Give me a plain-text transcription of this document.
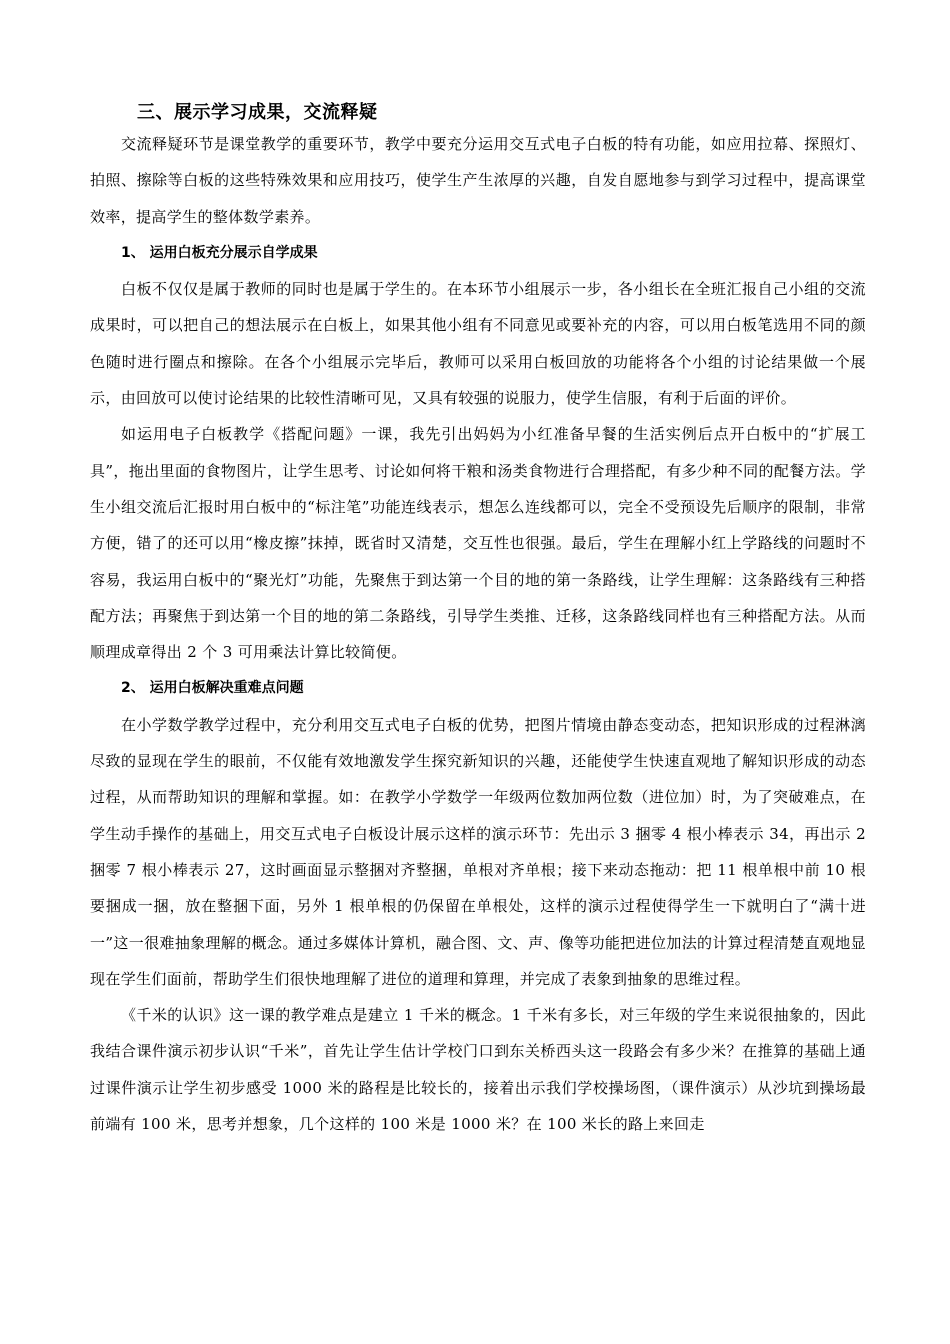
三、展示学习成果，交流释疑

交流释疑环节是课堂教学的重要环节，教学中要充分运用交互式电子白板的特有功能，如应用拉幕、探照灯、拍照、擦除等白板的这些特殊效果和应用技巧，使学生产生浓厚的兴趣，自发自愿地参与到学习过程中，提高课堂效率，提高学生的整体数学素养。

1、 运用白板充分展示自学成果

白板不仅仅是属于教师的同时也是属于学生的。在本环节小组展示一步，各小组长在全班汇报自己小组的交流成果时，可以把自己的想法展示在白板上，如果其他小组有不同意见或要补充的内容，可以用白板笔选用不同的颜色随时进行圈点和擦除。在各个小组展示完毕后，教师可以采用白板回放的功能将各个小组的讨论结果做一个展示，由回放可以使讨论结果的比较性清晰可见，又具有较强的说服力，使学生信服，有利于后面的评价。

如运用电子白板教学《搭配问题》一课，我先引出妈妈为小红准备早餐的生活实例后点开白板中的“扩展工具”，拖出里面的食物图片，让学生思考、讨论如何将干粮和汤类食物进行合理搭配，有多少种不同的配餐方法。学生小组交流后汇报时用白板中的“标注笔”功能连线表示，想怎么连线都可以，完全不受预设先后顺序的限制，非常方便，错了的还可以用“橡皮擦”抹掉，既省时又清楚，交互性也很强。最后，学生在理解小红上学路线的问题时不容易，我运用白板中的“聚光灯”功能，先聚焦于到达第一个目的地的第一条路线，让学生理解：这条路线有三种搭配方法；再聚焦于到达第一个目的地的第二条路线，引导学生类推、迁移，这条路线同样也有三种搭配方法。从而顺理成章得出 2 个 3 可用乘法计算比较简便。

2、 运用白板解决重难点问题

在小学数学教学过程中，充分利用交互式电子白板的优势，把图片情境由静态变动态，把知识形成的过程淋漓尽致的显现在学生的眼前，不仅能有效地激发学生探究新知识的兴趣，还能使学生快速直观地了解知识形成的动态过程，从而帮助知识的理解和掌握。如：在教学小学数学一年级两位数加两位数（进位加）时，为了突破难点，在学生动手操作的基础上，用交互式电子白板设计展示这样的演示环节：先出示 3 捆零 4 根小棒表示 34，再出示 2 捆零 7 根小棒表示 27，这时画面显示整捆对齐整捆，单根对齐单根；接下来动态拖动：把 11 根单根中前 10 根要捆成一捆，放在整捆下面，另外 1 根单根的仍保留在单根处，这样的演示过程使得学生一下就明白了“满十进一”这一很难抽象理解的概念。通过多媒体计算机，融合图、文、声、像等功能把进位加法的计算过程清楚直观地显现在学生们面前，帮助学生们很快地理解了进位的道理和算理，并完成了表象到抽象的思维过程。

《千米的认识》这一课的教学难点是建立 1 千米的概念。1 千米有多长，对三年级的学生来说很抽象的，因此我结合课件演示初步认识“千米”，首先让学生估计学校门口到东关桥西头这一段路会有多少米？在推算的基础上通过课件演示让学生初步感受 1000 米的路程是比较长的，接着出示我们学校操场图，（课件演示）从沙坑到操场最前端有 100 米，思考并想象，几个这样的 100 米是 1000 米？在 100 米长的路上来回走
